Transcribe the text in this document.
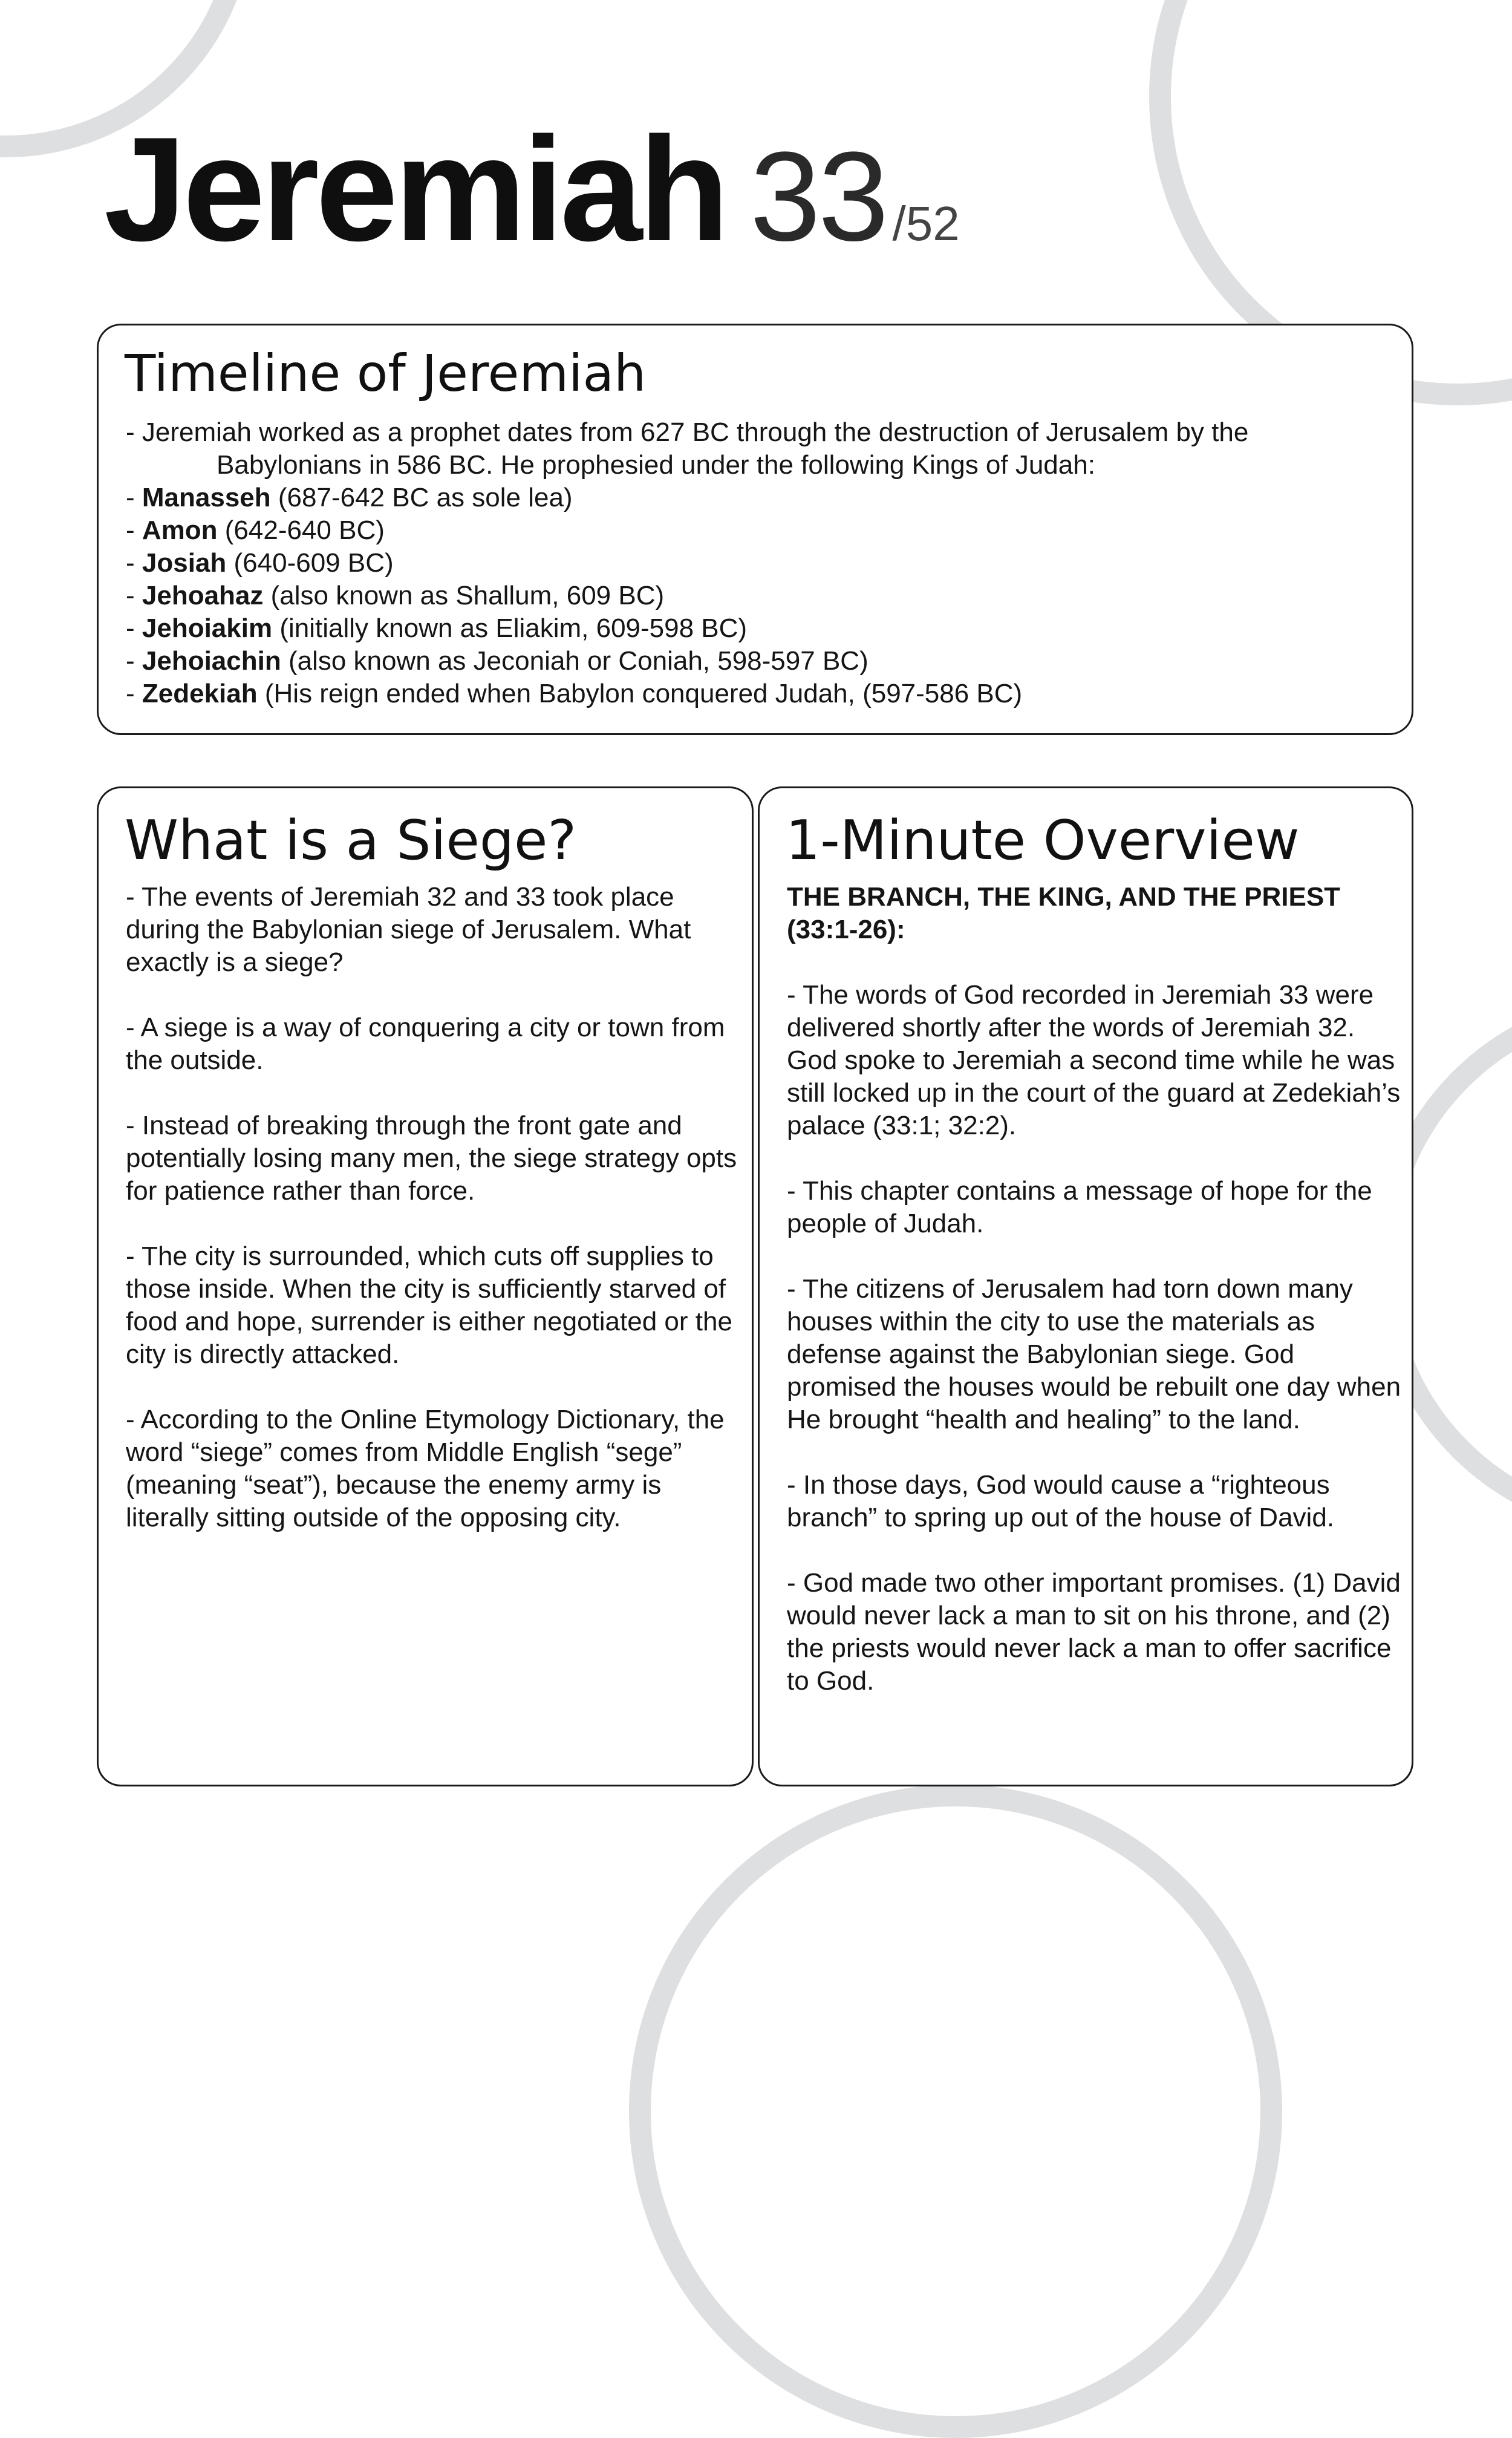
Jeremiah 33 /52
Timeline of Jeremiah

- Jeremiah worked as a prophet dates from 627 BC through the destruction of Jerusalem by the

Babylonians in 586 BC. He prophesied under the following Kings of Judah:

- Manasseh (687-642 BC as sole lea)

- Amon (642-640 BC)

- Josiah (640-609 BC)

- Jehoahaz (also known as Shallum, 609 BC)

- Jehoiakim (initially known as Eliakim, 609-598 BC)

- Jehoiachin (also known as Jeconiah or Coniah, 598-597 BC)

- Zedekiah (His reign ended when Babylon conquered Judah, (597-586 BC)

What is a Siege?

- The events of Jeremiah 32 and 33 took place during the Babylonian siege of Jerusalem. What exactly is a siege?

- A siege is a way of conquering a city or town from the outside.

- Instead of breaking through the front gate and potentially losing many men, the siege strategy opts for patience rather than force.

- The city is surrounded, which cuts off supplies to those inside. When the city is sufficiently starved of food and hope, surrender is either negotiated or the city is directly attacked.

- According to the Online Etymology Dictionary, the word “siege” comes from Middle English “sege” (meaning “seat”), because the enemy army is literally sitting outside of the opposing city.

1-Minute Overview

THE BRANCH, THE KING, AND THE PRIEST (33:1-26):

- The words of God recorded in Jeremiah 33 were delivered shortly after the words of Jeremiah 32. God spoke to Jeremiah a second time while he was still locked up in the court of the guard at Zedekiah’s palace (33:1; 32:2).

- This chapter contains a message of hope for the people of Judah.

- The citizens of Jerusalem had torn down many houses within the city to use the materials as defense against the Babylonian siege. God promised the houses would be rebuilt one day when He brought “health and healing” to the land.

- In those days, God would cause a “righteous branch” to spring up out of the house of David.

- God made two other important promises. (1) David would never lack a man to sit on his throne, and (2) the priests would never lack a man to offer sacrifice to God.
